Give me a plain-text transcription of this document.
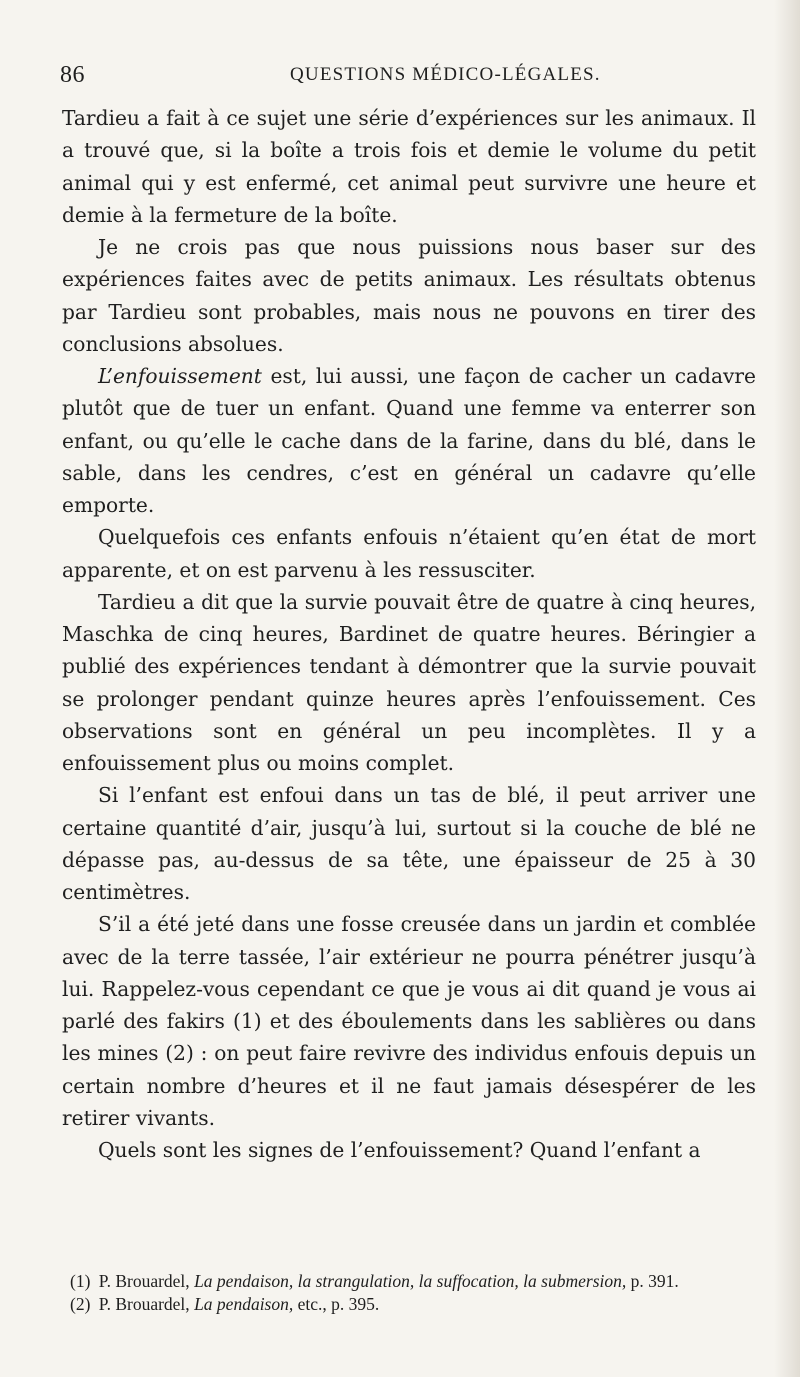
86	QUESTIONS MÉDICO-LÉGALES.

Tardieu a fait à ce sujet une série d’expériences sur les animaux. Il a trouvé que, si la boîte a trois fois et demie le volume du petit animal qui y est enfermé, cet animal peut survivre une heure et demie à la fermeture de la boîte.

Je ne crois pas que nous puissions nous baser sur des expériences faites avec de petits animaux. Les résultats obtenus par Tardieu sont probables, mais nous ne pouvons en tirer des conclusions absolues.

L’enfouissement est, lui aussi, une façon de cacher un cadavre plutôt que de tuer un enfant. Quand une femme va enterrer son enfant, ou qu’elle le cache dans de la farine, dans du blé, dans le sable, dans les cendres, c’est en général un cadavre qu’elle emporte.

Quelquefois ces enfants enfouis n’étaient qu’en état de mort apparente, et on est parvenu à les ressusciter.

Tardieu a dit que la survie pouvait être de quatre à cinq heures, Maschka de cinq heures, Bardinet de quatre heures. Béringier a publié des expériences tendant à démontrer que la survie pouvait se prolonger pendant quinze heures après l’enfouissement. Ces observations sont en général un peu incomplètes. Il y a enfouissement plus ou moins complet.

Si l’enfant est enfoui dans un tas de blé, il peut arriver une certaine quantité d’air, jusqu’à lui, surtout si la couche de blé ne dépasse pas, au-dessus de sa tête, une épaisseur de 25 à 30 centimètres.

S’il a été jeté dans une fosse creusée dans un jardin et comblée avec de la terre tassée, l’air extérieur ne pourra pénétrer jusqu’à lui. Rappelez-vous cependant ce que je vous ai dit quand je vous ai parlé des fakirs (1) et des éboulements dans les sablières ou dans les mines (2) : on peut faire revivre des individus enfouis depuis un certain nombre d’heures et il ne faut jamais désespérer de les retirer vivants.

Quels sont les signes de l’enfouissement? Quand l’enfant a

(1) P. Brouardel, La pendaison, la strangulation, la suffocation, la submersion, p. 391.

(2) P. Brouardel, La pendaison, etc., p. 395.
